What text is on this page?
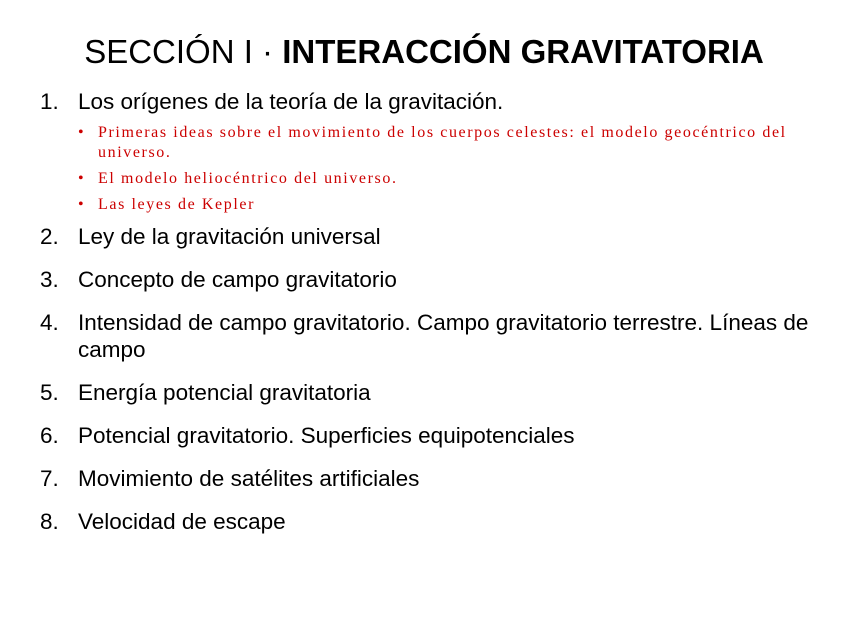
SECCIÓN I · INTERACCIÓN GRAVITATORIA
1. Los orígenes de la teoría de la gravitación.
• Primeras ideas sobre el movimiento de los cuerpos celestes: el modelo geocéntrico del universo.
• El modelo heliocéntrico del universo.
• Las leyes de Kepler
2. Ley de la gravitación universal
3. Concepto de campo gravitatorio
4. Intensidad de campo gravitatorio. Campo gravitatorio terrestre. Líneas de campo
5. Energía potencial gravitatoria
6. Potencial gravitatorio. Superficies equipotenciales
7. Movimiento de satélites artificiales
8. Velocidad de escape
